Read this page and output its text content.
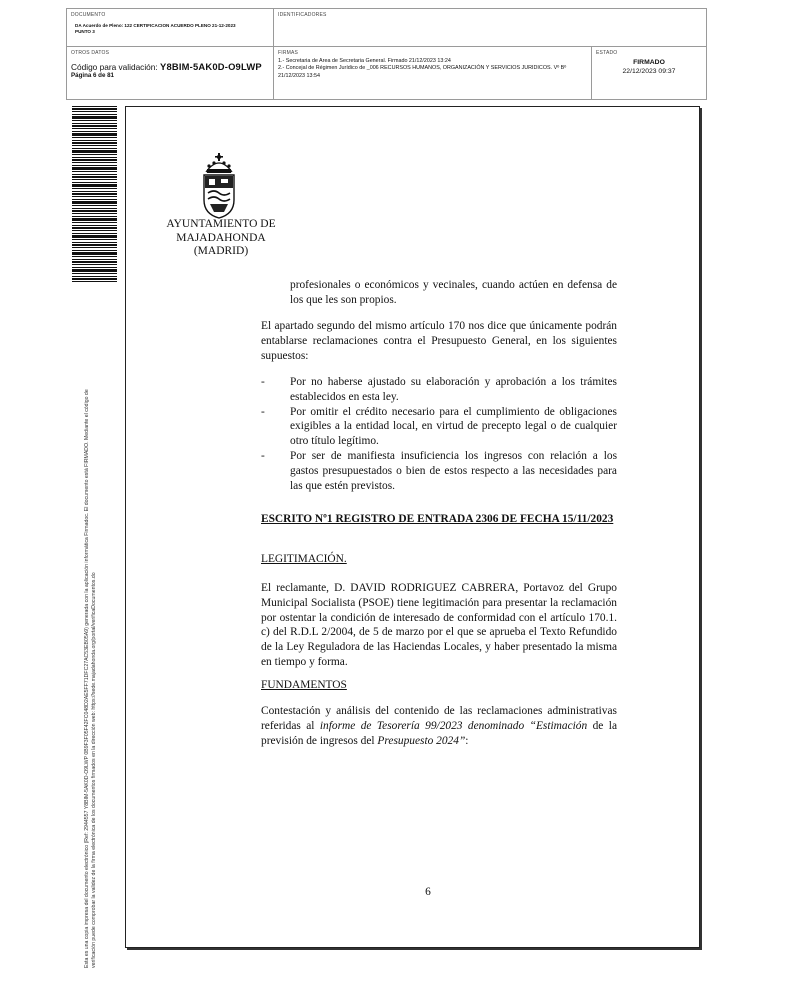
DOCUMENTO
DA Acuerdo de Pleno: 122 CERTIFICACION ACUERDO PLENO 21-12-2023
PUNTO 3
IDENTIFICADORES
OTROS DATOS
Código para validación: Y8BIM-5AK0D-O9LWP
Página 6 de 81
FIRMAS
1.- Secretaria de Area de Secretaria General. Firmado 21/12/2023 13:24
2.- Concejal de Régimen Jurídico de _006 RECURSOS HUMANOS, ORGANIZACIÓN Y SERVICIOS JURIDICOS. Vº Bº
21/12/2023 13:54
ESTADO
FIRMADO
22/12/2023 09:37
Esta es una copia impresa del documento electrónico (Ref: 2944557 Y8BIM-5AK0D-O9LWP 0B9F3F05F42FC048D2AE5FF71DFC27AC53EB05A9) generada con la aplicación informática Firmadoc. El documento está FIRMADO. Mediante el código de verificación puede comprobar la validez de la firma electrónica de los documentos firmados en la dirección web: https://sede.majadahonda.org/portal/verificaDocumentos.do
AYUNTAMIENTO DE
MAJADAHONDA
(MADRID)
profesionales o económicos y vecinales, cuando actúen en defensa de los que les son propios.
El apartado segundo del mismo artículo 170 nos dice que únicamente podrán entablarse reclamaciones contra el Presupuesto General, en los siguientes supuestos:
- Por no haberse ajustado su elaboración y aprobación a los trámites establecidos en esta ley.
- Por omitir el crédito necesario para el cumplimiento de obligaciones exigibles a la entidad local, en virtud de precepto legal o de cualquier otro título legítimo.
- Por ser de manifiesta insuficiencia los ingresos con relación a los gastos presupuestados o bien de estos respecto a las necesidades para las que estén previstos.
ESCRITO Nº1 REGISTRO DE ENTRADA 2306 DE FECHA 15/11/2023
LEGITIMACIÓN.
El reclamante, D. DAVID RODRIGUEZ CABRERA, Portavoz del Grupo Municipal Socialista (PSOE) tiene legitimación para presentar la reclamación por ostentar la condición de interesado de conformidad con el artículo 170.1. c) del R.D.L 2/2004, de 5 de marzo por el que se aprueba el Texto Refundido de la Ley Reguladora de las Haciendas Locales, y haber presentado la misma en tiempo y forma.
FUNDAMENTOS
Contestación y análisis del contenido de las reclamaciones administrativas referidas al informe de Tesorería 99/2023 denominado “Estimación de la previsión de ingresos del Presupuesto 2024”:
6
